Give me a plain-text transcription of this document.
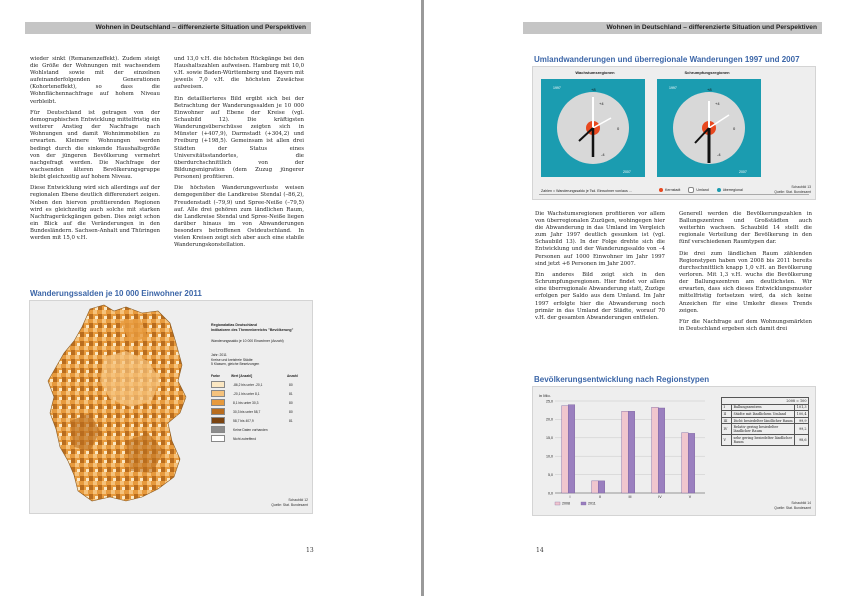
Wohnen in Deutschland – differenzierte Situation und Perspektiven

wieder sinkt (Remanenzeffekt). Zudem steigt die Größe der Wohnungen mit wachsendem Wohlstand sowie mit der einzelnen aufeinanderfolgenden Generationen (Kohorteneffekt), so dass die Wohnflächennachfrage auf hohem Niveau verbleibt.

Für Deutschland ist getragen von der demographischen Entwicklung mittelfristig ein weiterer Anstieg der Nachfrage nach Wohnungen und damit Wohnimmobilien zu erwarten. Kleinere Wohnungen werden bedingt durch die sinkende Haushaltsgröße von der jüngeren Bevölkerung vermehrt nachgefragt werden. Die Nachfrage der wachsenden älteren Bevölkerungsgruppe bleibt gleichzeitig auf hohem Niveau.

Diese Entwicklung wird sich allerdings auf der regionalen Ebene deutlich differenziert zeigen. Neben den hiervon profitierenden Regionen wird es gleichzeitig auch solche mit starken Nachfragerückgängen geben. Dies zeigt schon ein Blick auf die Veränderungen in den Bundesländern. Sachsen-Anhalt und Thüringen werden mit 15,0 v.H.

und 13,0 v.H. die höchsten Rückgänge bei den Haushaltszahlen aufweisen. Hamburg mit 10,0 v.H. sowie Baden-Württemberg und Bayern mit jeweils 7,0 v.H. die höchsten Zuwächse aufweisen.

Ein detaillierteres Bild ergibt sich bei der Betrachtung der Wanderungssalden je 10 000 Einwohner auf Ebene der Kreise (vgl. Schaubild 12). Die kräftigsten Wanderungsüberschüsse zeigten sich in Münster (+407,9), Darmstadt (+304,2) und Freiburg (+198,5). Gemeinsam ist allen drei Städten der Status eines Universitätsstandortes, die überdurchschnittlich von der Bildungsmigration (dem Zuzug jüngerer Personen) profitieren.

Die höchsten Wanderungsverluste weisen demgegenüber die Landkreise Stendal (–86,2), Freudenstadt (–79,9) und Spree-Neiße (–79,5) auf. Alle drei gehören zum ländlichen Raum, die Landkreise Stendal und Spree-Neiße liegen darüber hinaus im von Abwanderungen besonders betroffenen Ostdeutschland. In vielen Kreisen zeigt sich aber auch eine stabile Wanderungskonstellation.

Wanderungssalden je 10 000 Einwohner 2011
Regionalatlas Deutschland
Indikatoren des Themenbereichs "Bevölkerung"
Wanderungssaldo je 10 000 Einwohner (Anzahl)
Jahr: 2011
Kreise und kreisfreie Städte
5 Klassen, gleiche Besetzungen
Farbe	Wert [Anzahl]	Anzahl
-86,2 bis unter -20,1	80
-20,1 bis unter 8,1	81
8,1 bis unter 30,3	80
30,3 bis unter 58,7	80
58,7 bis 407,9	81
Keine Daten vorhanden
Nicht zutreffend
Schaubild 12
Quelle: Stat. Bundesamt
13
Wohnen in Deutschland – differenzierte Situation und Perspektiven
Umlandwanderungen und überregionale Wanderungen 1997 und 2007
Wachstumsregionen	Schrumpfungsregionen
1997
2007
+4
0
-4
+8	1997
2007
+8
+4
0
-4
Zahlen = Wanderungssaldo je Tsd. Einwohner von/aus ...	Kernstadt	Umland	überregional
Schaubild 13
Quelle: Stat. Bundesamt

Die Wachstumsregionen profitieren vor allem von überregionalen Zuzügen, wohingegen hier die Abwanderung in das Umland im Vergleich zum Jahr 1997 deutlich gesunken ist (vgl. Schaubild 13). In der Folge drehte sich die Entwicklung und der Wanderungssaldo von –4 Personen auf 1000 Einwohner im Jahr 1997 sind jetzt +6 Personen im Jahr 2007.

Ein anderes Bild zeigt sich in den Schrumpfungsregionen. Hier findet vor allem eine überregionale Abwanderung statt, Zuzüge erfolgen per Saldo aus dem Umland. Im Jahr 1997 erfolgte hier die Abwanderung noch primär in das Umland der Städte, worauf 70 v.H. der gesamten Abwanderungen entfielen.

Generell werden die Bevölkerungszahlen in Ballungszentren und Großstädten auch weiterhin wachsen. Schaubild 14 stellt die regionale Verteilung der Bevölkerung in den fünf verschiedenen Raumtypen dar.

Die drei zum ländlichen Raum zählenden Regionstypen haben von 2008 bis 2011 bereits durchschnittlich knapp 1,0 v.H. an Bevölkerung verloren. Mit 1,3 v.H. wuchs die Bevölkerung der Ballungszentren am deutlichsten. Wir erwarten, dass sich dieses Entwicklungsmuster mittelfristig fortsetzen wird, da sich keine Anzeichen für eine Umkehr dieses Trends zeigen.

Für die Nachfrage auf dem Wohnungsmärkten in Deutschland ergeben sich damit drei

Bevölkerungsentwicklung nach Regionstypen
in Mio.
0,0
5,0
10,0
15,0
20,0
25,0
I	II	III	IV	V
2008	2011
2008 = 100		
I	Ballungszentren	101,3
II	Städte mit ländlichem Umland	100,4
III	Dicht besiedelter ländlicher Raum	99,9
IV	Relativ gering besiedelter ländlicher Raum	99,2
V	sehr gering besiedelter ländlicher Raum	98,6
Schaubild 14
Quelle: Stat. Bundesamt
14
